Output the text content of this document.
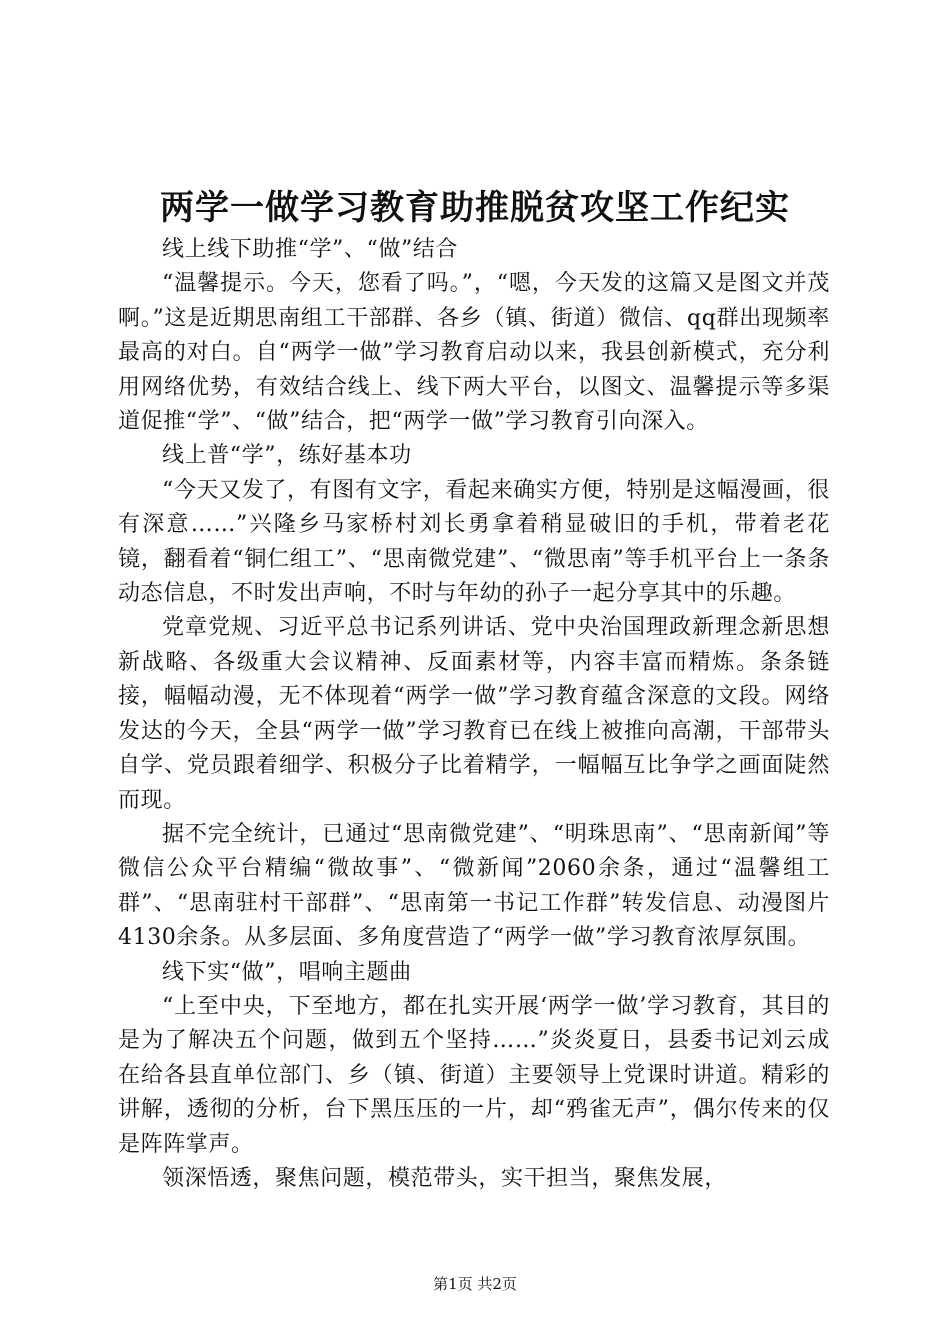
两学一做学习教育助推脱贫攻坚工作纪实

线上线下助推“学”、“做”结合

“温馨提示。今天，您看了吗。”，“嗯，今天发的这篇又是图文并茂啊。”这是近期思南组工干部群、各乡（镇、街道）微信、qq群出现频率最高的对白。自“两学一做”学习教育启动以来，我县创新模式，充分利用网络优势，有效结合线上、线下两大平台，以图文、温馨提示等多渠道促推“学”、“做”结合，把“两学一做”学习教育引向深入。

线上普“学”，练好基本功

“今天又发了，有图有文字，看起来确实方便，特别是这幅漫画，很有深意……”兴隆乡马家桥村刘长勇拿着稍显破旧的手机，带着老花镜，翻看着“铜仁组工”、“思南微党建”、“微思南”等手机平台上一条条动态信息，不时发出声响，不时与年幼的孙子一起分享其中的乐趣。

党章党规、习近平总书记系列讲话、党中央治国理政新理念新思想新战略、各级重大会议精神、反面素材等，内容丰富而精炼。条条链接，幅幅动漫，无不体现着“两学一做”学习教育蕴含深意的文段。网络发达的今天，全县“两学一做”学习教育已在线上被推向高潮，干部带头自学、党员跟着细学、积极分子比着精学，一幅幅互比争学之画面陡然而现。

据不完全统计，已通过“思南微党建”、“明珠思南”、“思南新闻”等微信公众平台精编“微故事”、“微新闻”2060余条，通过“温馨组工群”、“思南驻村干部群”、“思南第一书记工作群”转发信息、动漫图片4130余条。从多层面、多角度营造了“两学一做”学习教育浓厚氛围。

线下实“做”，唱响主题曲

“上至中央，下至地方，都在扎实开展‘两学一做’学习教育，其目的是为了解决五个问题，做到五个坚持……”炎炎夏日，县委书记刘云成在给各县直单位部门、乡（镇、街道）主要领导上党课时讲道。精彩的讲解，透彻的分析，台下黑压压的一片，却“鸦雀无声”，偶尔传来的仅是阵阵掌声。

领深悟透，聚焦问题，模范带头，实干担当，聚焦发展，

第1页 共2页
